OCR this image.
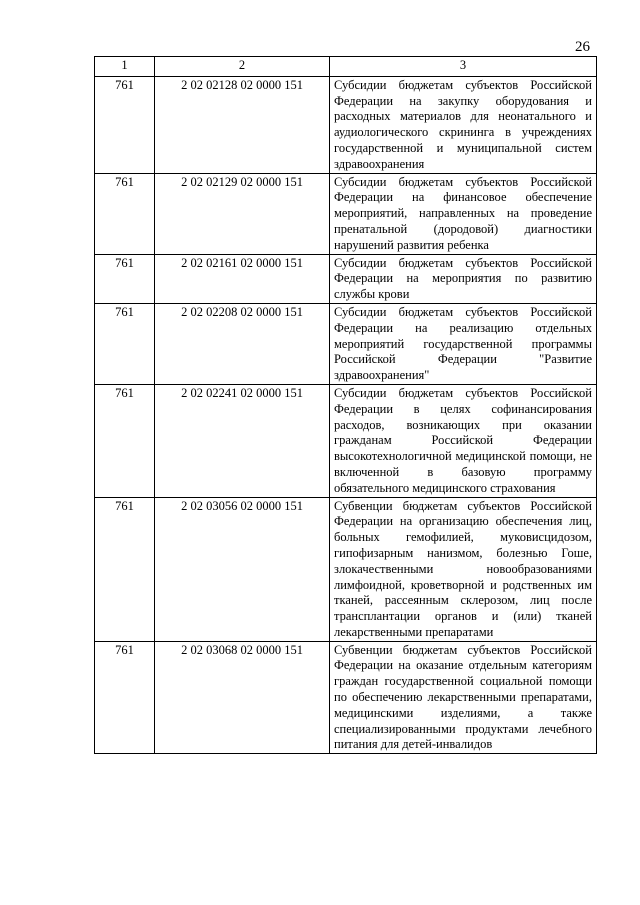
26
1	2	3
761	2 02 02128 02 0000 151	Субсидии бюджетам субъектов Российской Федерации на закупку оборудования и расходных материалов для неонатального и аудиологического скрининга в учреждениях государственной и муниципальной систем здравоохранения
761	2 02 02129 02 0000 151	Субсидии бюджетам субъектов Российской Федерации на финансовое обеспечение мероприятий, направленных на проведение пренатальной (дородовой) диагностики нарушений развития ребенка
761	2 02 02161 02 0000 151	Субсидии бюджетам субъектов Российской Федерации на мероприятия по развитию службы крови
761	2 02 02208 02 0000 151	Субсидии бюджетам субъектов Российской Федерации на реализацию отдельных мероприятий государственной программы Российской Федерации "Развитие здравоохранения"
761	2 02 02241 02 0000 151	Субсидии бюджетам субъектов Российской Федерации в целях софинансирования расходов, возникающих при оказании гражданам Российской Федерации высокотехнологичной медицинской помощи, не включенной в базовую программу обязательного медицинского страхования
761	2 02 03056 02 0000 151	Субвенции бюджетам субъектов Российской Федерации на организацию обеспечения лиц, больных гемофилией, муковисцидозом, гипофизарным нанизмом, болезнью Гоше, злокачественными новообразованиями лимфоидной, кроветворной и родственных им тканей, рассеянным склерозом, лиц после трансплантации органов и (или) тканей лекарственными препаратами
761	2 02 03068 02 0000 151	Субвенции бюджетам субъектов Российской Федерации на оказание отдельным категориям граждан государственной социальной помощи по обеспечению лекарственными препаратами, медицинскими изделиями, а также специализированными продуктами лечебного питания для детей-инвалидов
